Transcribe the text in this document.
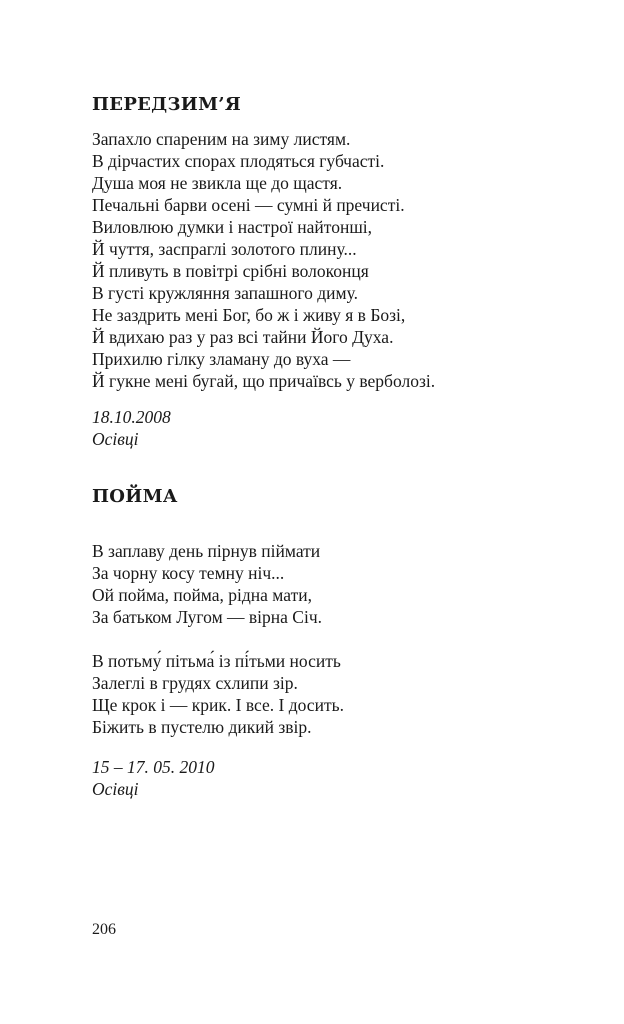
ПЕРЕДЗИМ’Я
Запахло спареним на зиму листям.
В дірчастих спорах плодяться губчасті.
Душа моя не звикла ще до щастя.
Печальні барви осені — сумні й пречисті.
Виловлюю думки і настрої найтонші,
Й чуття, заспраглі золотого плину...
Й пливуть в повітрі срібні волоконця
В густі кружляння запашного диму.
Не заздрить мені Бог, бо ж і живу я в Бозі,
Й вдихаю раз у раз всі тайни Його Духа.
Прихилю гілку зламану до вуха —
Й гукне мені бугай, що причаївсь у верболозі.
18.10.2008
Осівці
ПОЙМА
В заплаву день пірнув піймати
За чорну косу темну ніч...
Ой пойма, пойма, рідна мати,
За батьком Лугом — вірна Січ.
В потьму́ пітьма́ із пі́тьми носить
Залеглі в грудях схлипи зір.
Ще крок і — крик. І все. І досить.
Біжить в пустелю дикий звір.
15 – 17. 05. 2010
Осівці
206
